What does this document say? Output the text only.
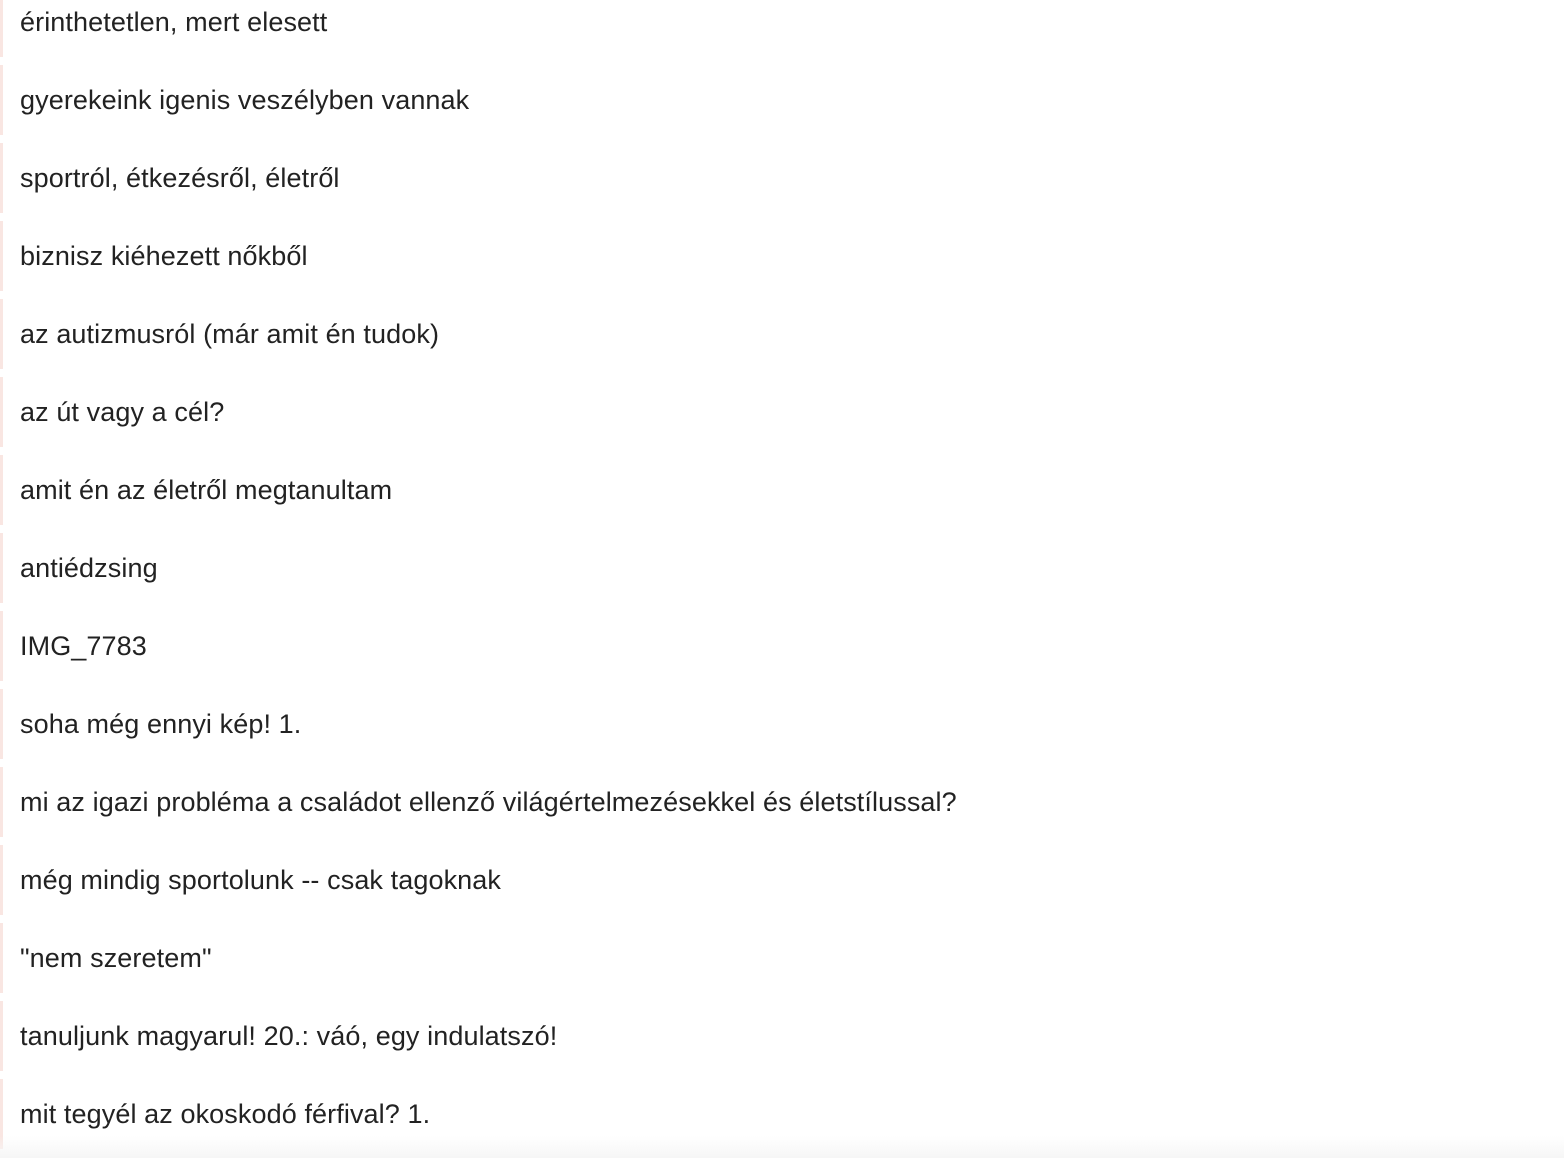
érinthetetlen, mert elesett
gyerekeink igenis veszélyben vannak
sportról, étkezésről, életről
biznisz kiéhezett nőkből
az autizmusról (már amit én tudok)
az út vagy a cél?
amit én az életről megtanultam
antiédzsing
IMG_7783
soha még ennyi kép! 1.
mi az igazi probléma a családot ellenző világértelmezésekkel és életstílussal?
még mindig sportolunk -- csak tagoknak
"nem szeretem"
tanuljunk magyarul! 20.: váó, egy indulatszó!
mit tegyél az okoskodó férfival? 1.
